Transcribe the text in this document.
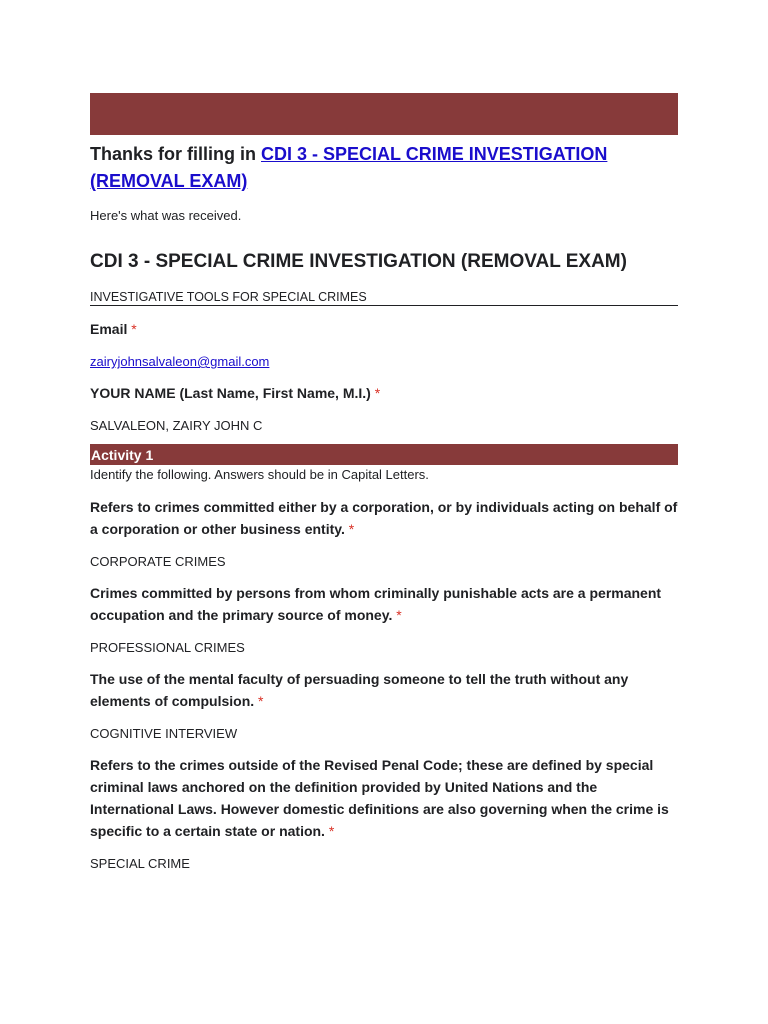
Thanks for filling in CDI 3 - SPECIAL CRIME INVESTIGATION (REMOVAL EXAM)
Here's what was received.
CDI 3 - SPECIAL CRIME INVESTIGATION (REMOVAL EXAM)
INVESTIGATIVE TOOLS FOR SPECIAL CRIMES
Email *
zairyjohnsalvaleon@gmail.com
YOUR NAME (Last Name, First Name, M.I.) *
SALVALEON, ZAIRY JOHN C
Activity 1
Identify the following. Answers should be in Capital Letters.
Refers to crimes committed either by a corporation, or by individuals acting on behalf of a corporation or other business entity. *
CORPORATE CRIMES
Crimes committed by persons from whom criminally punishable acts are a permanent occupation and the primary source of money. *
PROFESSIONAL CRIMES
The use of the mental faculty of persuading someone to tell the truth without any elements of compulsion. *
COGNITIVE INTERVIEW
Refers to the crimes outside of the Revised Penal Code; these are defined by special criminal laws anchored on the definition provided by United Nations and the International Laws. However domestic definitions are also governing when the crime is specific to a certain state or nation. *
SPECIAL CRIME
